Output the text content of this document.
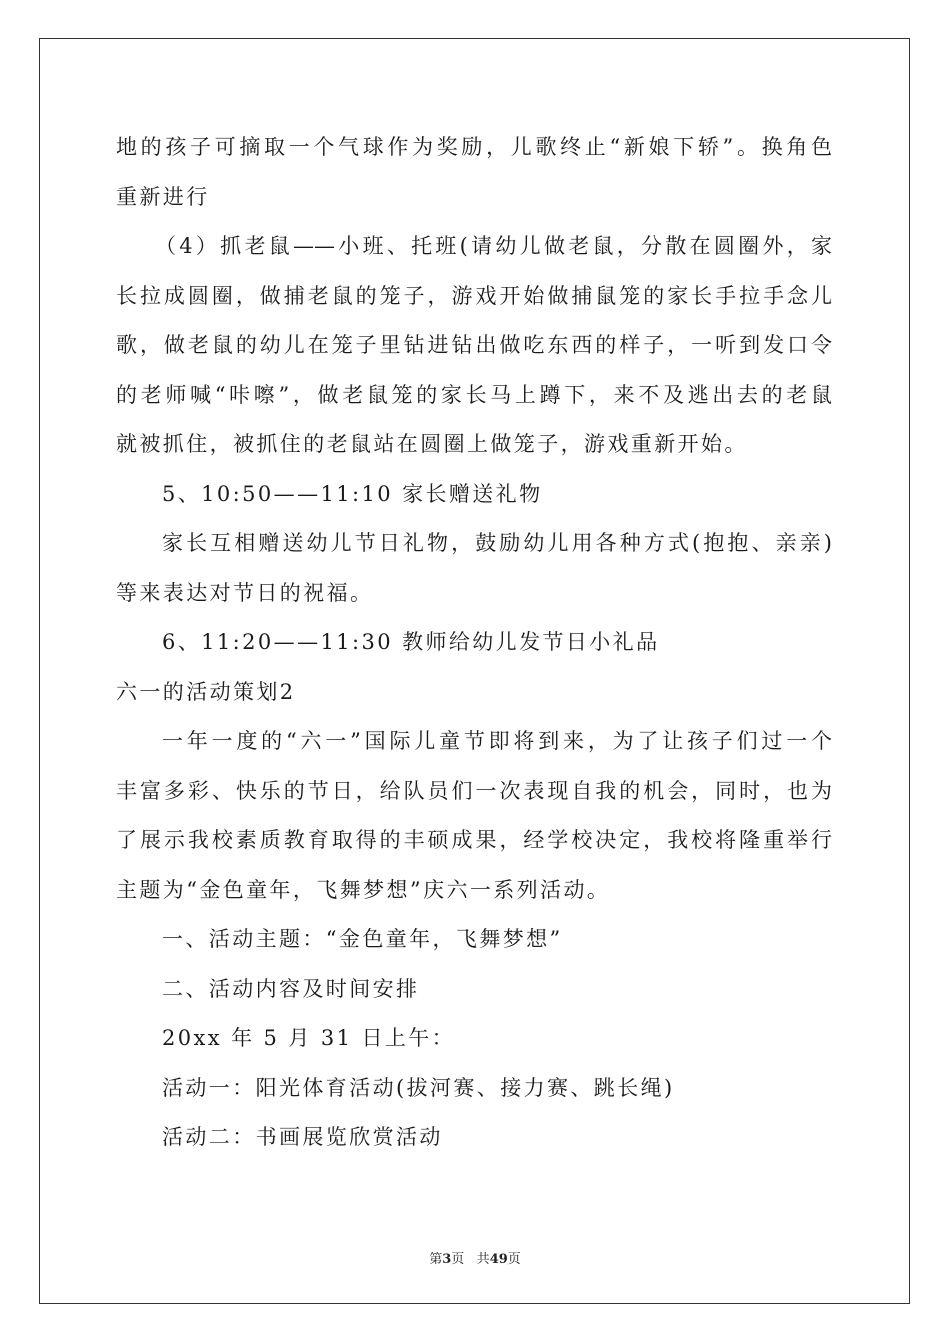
地的孩子可摘取一个气球作为奖励，儿歌终止“新娘下轿”。换角色
重新进行
（4）抓老鼠——小班、托班(请幼儿做老鼠，分散在圆圈外，家
长拉成圆圈，做捕老鼠的笼子，游戏开始做捕鼠笼的家长手拉手念儿
歌，做老鼠的幼儿在笼子里钻进钻出做吃东西的样子，一听到发口令
的老师喊“咔嚓”，做老鼠笼的家长马上蹲下，来不及逃出去的老鼠
就被抓住，被抓住的老鼠站在圆圈上做笼子，游戏重新开始。
5、10:50——11:10 家长赠送礼物
家长互相赠送幼儿节日礼物，鼓励幼儿用各种方式(抱抱、亲亲)
等来表达对节日的祝福。
6、11:20——11:30 教师给幼儿发节日小礼品
六一的活动策划2
一年一度的“六一”国际儿童节即将到来，为了让孩子们过一个
丰富多彩、快乐的节日，给队员们一次表现自我的机会，同时，也为
了展示我校素质教育取得的丰硕成果，经学校决定，我校将隆重举行
主题为“金色童年，飞舞梦想”庆六一系列活动。
一、活动主题：“金色童年，飞舞梦想”
二、活动内容及时间安排
20xx 年 5 月 31 日上午：
活动一：阳光体育活动(拔河赛、接力赛、跳长绳)
活动二：书画展览欣赏活动
第3页 共49页
